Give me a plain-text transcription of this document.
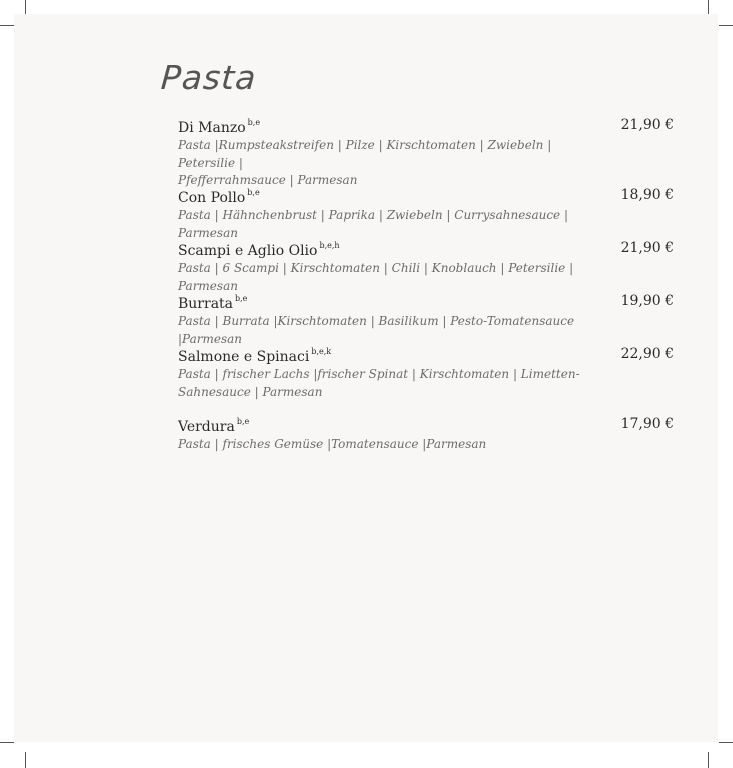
Pasta
Di Manzo $^{b,e}$	21,90 €
Pasta |Rumpsteakstreifen | Pilze | Kirschtomaten | Zwiebeln | Petersilie |
Pfefferrahmsauce | Parmesan
Con Pollo $^{b,e}$	18,90 €
Pasta | Hähnchenbrust | Paprika | Zwiebeln | Currysahnesauce | Parmesan
Scampi e Aglio Olio $^{b,e,h}$	21,90 €
Pasta | 6 Scampi | Kirschtomaten | Chili | Knoblauch | Petersilie | Parmesan
Burrata $^{b,e}$	19,90 €
Pasta | Burrata |Kirschtomaten | Basilikum | Pesto-Tomatensauce |Parmesan
Salmone e Spinaci $^{b,e,k}$	22,90 €
Pasta | frischer Lachs |frischer Spinat | Kirschtomaten | Limetten-
Sahnesauce | Parmesan
Verdura $^{b,e}$	17,90 €
Pasta | frisches Gemüse |Tomatensauce |Parmesan
